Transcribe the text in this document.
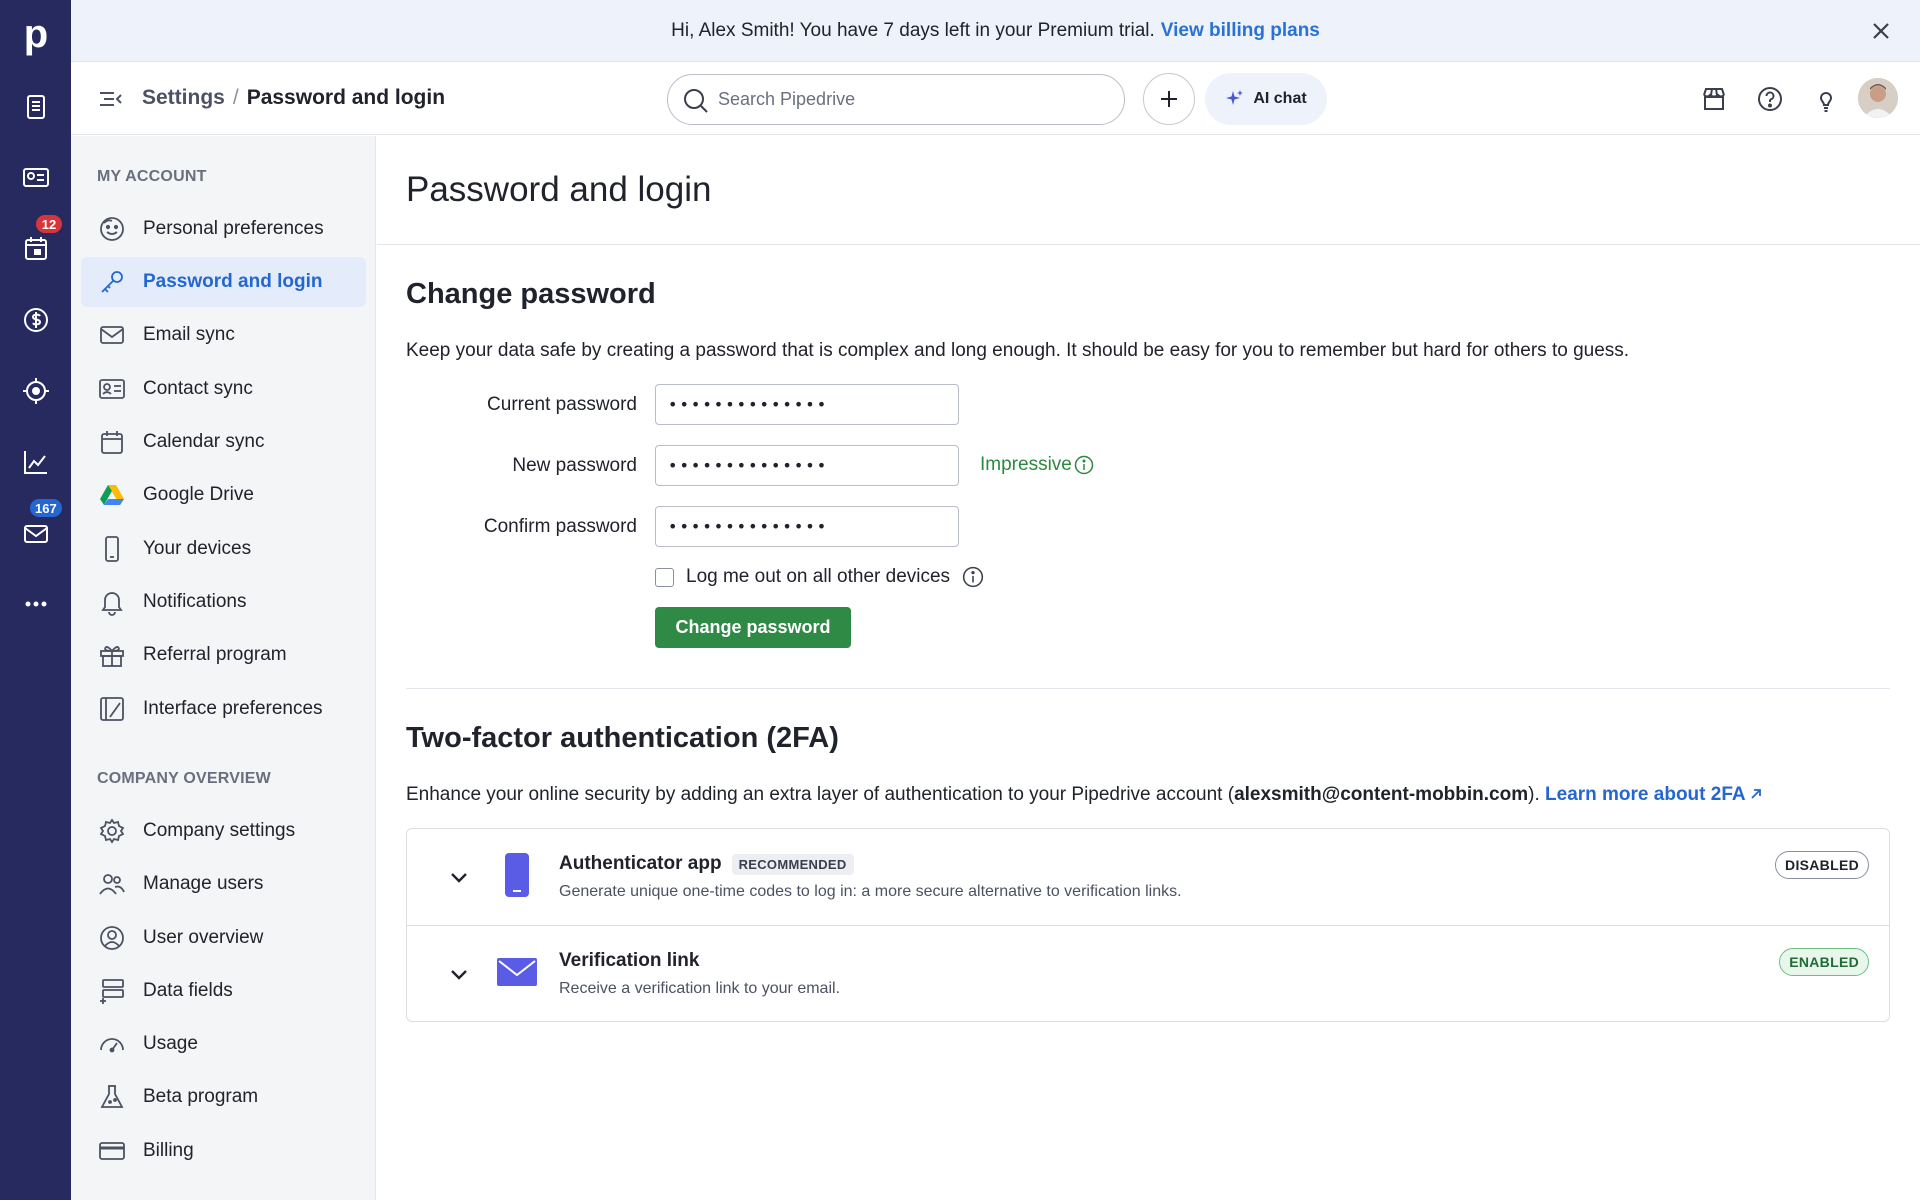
p
12
167
Hi, Alex Smith! You have 7 days left in your Premium trial. View billing plans
Settings / Password and login
Search Pipedrive	AI chat
MY ACCOUNT
Personal preferences
Password and login
Email sync
Contact sync
Calendar sync
Google Drive
Your devices
Notifications
Referral program
Interface preferences
COMPANY OVERVIEW
Company settings
Manage users
User overview
Data fields
Usage
Beta program
Billing
Password and login
Change password

Keep your data safe by creating a password that is complex and long enough. It should be easy for you to remember but hard for others to guess.

Current password	••••••••••••••
New password	••••••••••••••	Impressive
Confirm password	••••••••••••••
Log me out on all other devices
Change password
Two-factor authentication (2FA)

Enhance your online security by adding an extra layer of authentication to your Pipedrive account (alexsmith@content-mobbin.com). Learn more about 2FA

Authenticator app	RECOMMENDED
Generate unique one-time codes to log in: a more secure alternative to verification links.
DISABLED
Verification link
Receive a verification link to your email.
ENABLED
